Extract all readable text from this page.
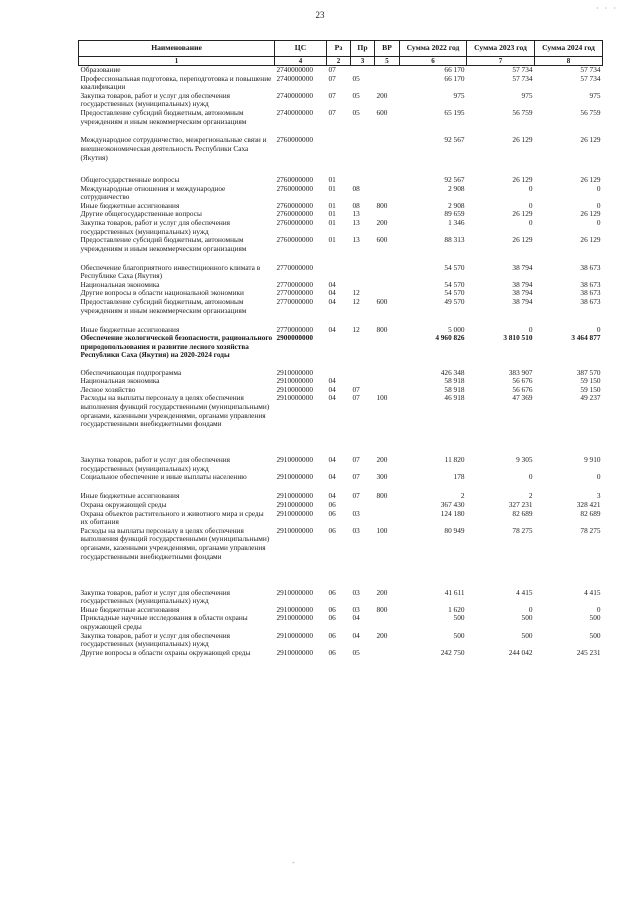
23
· · ·
Наименование	ЦС	Рз	Пр	ВР	Сумма 2022 год	Сумма 2023 год	Сумма 2024 год
1	4	2	3	5	6	7	8
Образование	2740000000	07			66 170	57 734	57 734
Профессиональная подготовка, переподготовка и повышение квалификации	2740000000	07	05		66 170	57 734	57 734
Закупка товаров, работ и услуг для обеспечения государственных (муниципальных) нужд	2740000000	07	05	200	975	975	975
Предоставление субсидий бюджетным, автономным учреждениям и иным некоммерческим организациям	2740000000	07	05	600	65 195	56 759	56 759
Международное сотрудничество, межрегиональные связи и внешнеэкономическая деятельность Республики Саха (Якутия)	2760000000				92 567	26 129	26 129
Общегосударственные вопросы	2760000000	01			92 567	26 129	26 129
Международные отношения и международное сотрудничество	2760000000	01	08		2 908	0	0
Иные бюджетные ассигнования	2760000000	01	08	800	2 908	0	0
Другие общегосударственные вопросы	2760000000	01	13		89 659	26 129	26 129
Закупка товаров, работ и услуг для обеспечения государственных (муниципальных) нужд	2760000000	01	13	200	1 346	0	0
Предоставление субсидий бюджетным, автономным учреждениям и иным некоммерческим организациям	2760000000	01	13	600	88 313	26 129	26 129
Обеспечение благоприятного инвестиционного климата в Республике Саха (Якутия)	2770000000				54 570	38 794	38 673
Национальная экономика	2770000000	04			54 570	38 794	38 673
Другие вопросы в области национальной экономики	2770000000	04	12		54 570	38 794	38 673
Предоставление субсидий бюджетным, автономным учреждениям и иным некоммерческим организациям	2770000000	04	12	600	49 570	38 794	38 673
Иные бюджетные ассигнования	2770000000	04	12	800	5 000	0	0
Обеспечение экологической безопасности, рационального природопользования и развитие лесного хозяйства Республики Саха (Якутия) на 2020-2024 годы	2900000000				4 960 826	3 810 510	3 464 877
Обеспечивающая подпрограмма	2910000000				426 348	383 907	387 570
Национальная экономика	2910000000	04			58 918	56 676	59 150
Лесное хозяйство	2910000000	04	07		58 918	56 676	59 150
Расходы на выплаты персоналу в целях обеспечения выполнения функций государственными (муниципальными) органами, казенными учреждениями, органами управления государственными внебюджетными фондами	2910000000	04	07	100	46 918	47 369	49 237
Закупка товаров, работ и услуг для обеспечения государственных (муниципальных) нужд	2910000000	04	07	200	11 820	9 305	9 910
Социальное обеспечение и иные выплаты населению	2910000000	04	07	300	178	0	0
Иные бюджетные ассигнования	2910000000	04	07	800	2	2	3
Охрана окружающей среды	2910000000	06			367 430	327 231	328 421
Охрана объектов растительного и животного мира и среды их обитания	2910000000	06	03		124 180	82 689	82 689
Расходы на выплаты персоналу в целях обеспечения выполнения функций государственными (муниципальными) органами, казенными учреждениями, органами управления государственными внебюджетными фондами	2910000000	06	03	100	80 949	78 275	78 275
Закупка товаров, работ и услуг для обеспечения государственных (муниципальных) нужд	2910000000	06	03	200	41 611	4 415	4 415
Иные бюджетные ассигнования	2910000000	06	03	800	1 620	0	0
Прикладные научные исследования в области охраны окружающей среды	2910000000	06	04		500	500	500
Закупка товаров, работ и услуг для обеспечения государственных (муниципальных) нужд	2910000000	06	04	200	500	500	500
Другие вопросы в области охраны окружающей среды	2910000000	06	05		242 750	244 042	245 231
-
